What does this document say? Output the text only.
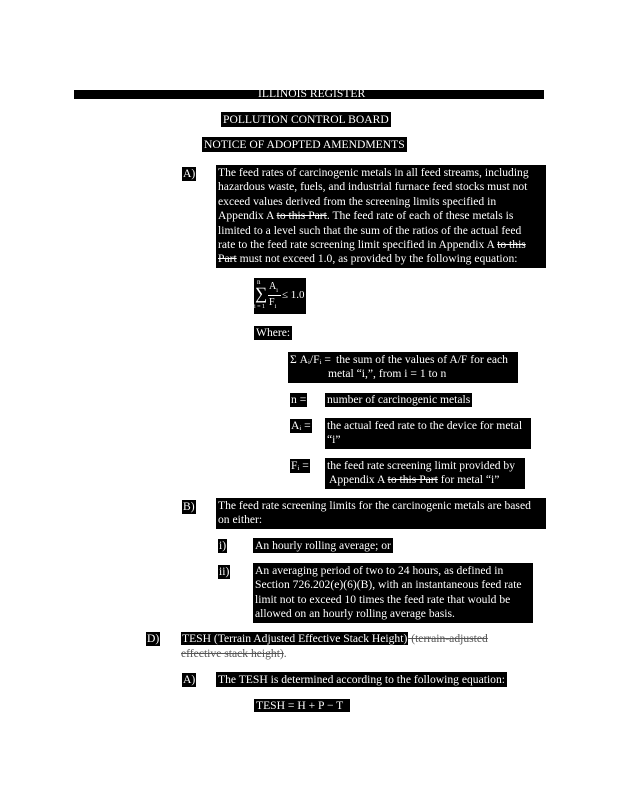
ILLINOIS REGISTER
POLLUTION CONTROL BOARD
NOTICE OF ADOPTED AMENDMENTS
A) The feed rates of carcinogenic metals in all feed streams, including
hazardous waste, fuels, and industrial furnace feed stocks must not
exceed values derived from the screening limits specified in
Appendix A to this Part. The feed rate of each of these metals is
limited to a level such that the sum of the ratios of the actual feed
rate to the feed rate screening limit specified in Appendix A to this
Part must not exceed 1.0, as provided by the following equation:
n
∑
i = 1
$A_i$
$F_i$
≤ 1.0
Where:
Σ Aᵢ/Fᵢ = the sum of the values of A/F for each
metal “i,”, from i = 1 to n
n = number of carcinogenic metals
Aᵢ = the actual feed rate to the device for metal
“i”
Fᵢ = the feed rate screening limit provided by
Appendix A to this Part for metal “i”
B) The feed rate screening limits for the carcinogenic metals are based
on either:
i) An hourly rolling average; or
ii) An averaging period of two to 24 hours, as defined in
Section 726.202(e)(6)(B), with an instantaneous feed rate
limit not to exceed 10 times the feed rate that would be
allowed on an hourly rolling average basis.
D) TESH (Terrain Adjusted Effective Stack Height) (terrain-adjusted
effective stack height).
A) The TESH is determined according to the following equation:
TESH = H + P − T
